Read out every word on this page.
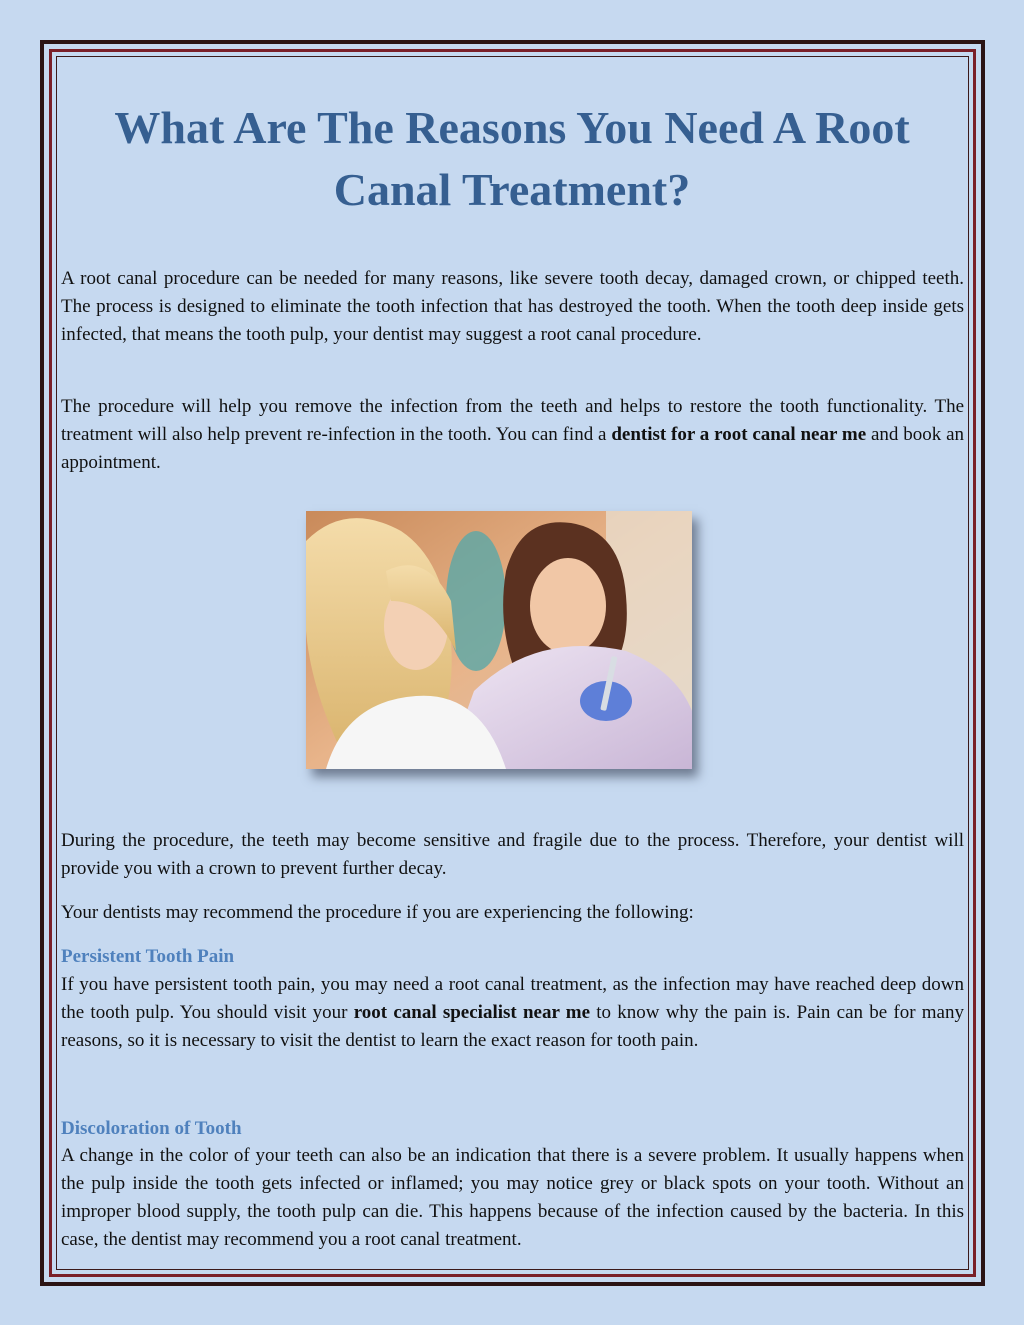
What Are The Reasons You Need A Root Canal Treatment?

A root canal procedure can be needed for many reasons, like severe tooth decay, damaged crown, or chipped teeth. The process is designed to eliminate the tooth infection that has destroyed the tooth. When the tooth deep inside gets infected, that means the tooth pulp, your dentist may suggest a root canal procedure.

The procedure will help you remove the infection from the teeth and helps to restore the tooth functionality. The treatment will also help prevent re-infection in the tooth. You can find a dentist for a root canal near me and book an appointment.

During the procedure, the teeth may become sensitive and fragile due to the process. Therefore, your dentist will provide you with a crown to prevent further decay.

Your dentists may recommend the procedure if you are experiencing the following:

Persistent Tooth Pain

If you have persistent tooth pain, you may need a root canal treatment, as the infection may have reached deep down the tooth pulp. You should visit your root canal specialist near me to know why the pain is. Pain can be for many reasons, so it is necessary to visit the dentist to learn the exact reason for tooth pain.

Discoloration of Tooth

A change in the color of your teeth can also be an indication that there is a severe problem. It usually happens when the pulp inside the tooth gets infected or inflamed; you may notice grey or black spots on your tooth. Without an improper blood supply, the tooth pulp can die. This happens because of the infection caused by the bacteria. In this case, the dentist may recommend you a root canal treatment.
